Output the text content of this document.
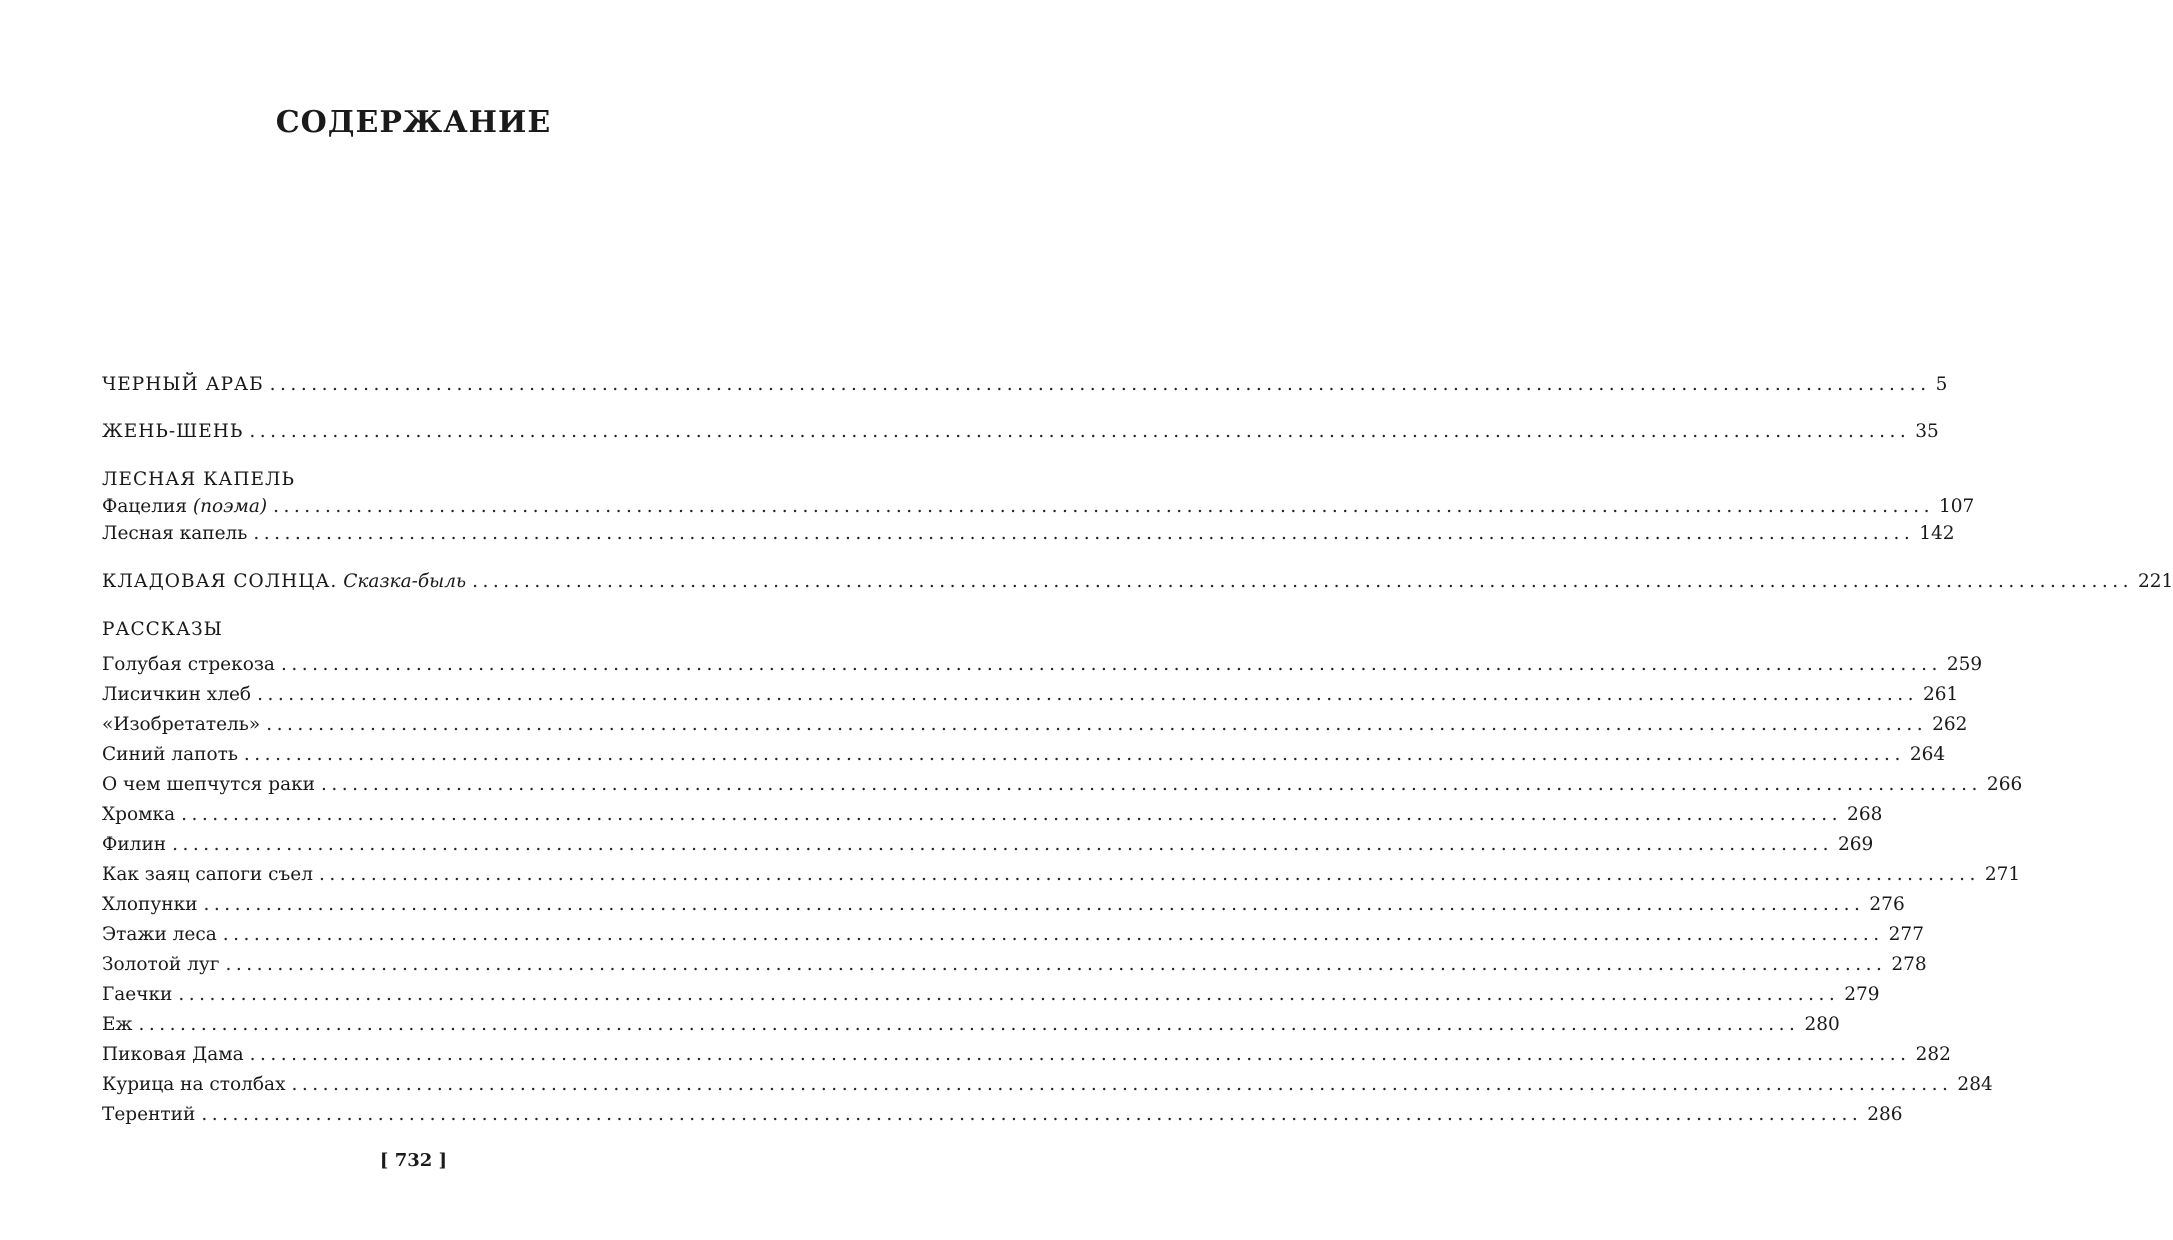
СОДЕРЖАНИЕ
ЧЕРНЫЙ АРАБ ................................................................................................................................................................ 5
ЖЕНЬ-ШЕНЬ ................................................................................................................................................................ 35

ЛЕСНАЯ КАПЕЛЬ

Фацелия (поэма) ................................................................................................................................................................ 107
Лесная капель ................................................................................................................................................................ 142
КЛАДОВАЯ СОЛНЦА. Сказка-быль ................................................................................................................................................................ 221

РАССКАЗЫ

Голубая стрекоза ................................................................................................................................................................ 259
Лисичкин хлеб ................................................................................................................................................................ 261
«Изобретатель» ................................................................................................................................................................ 262
Синий лапоть ................................................................................................................................................................ 264
О чем шепчутся раки ................................................................................................................................................................ 266
Хромка ................................................................................................................................................................ 268
Филин ................................................................................................................................................................ 269
Как заяц сапоги съел ................................................................................................................................................................ 271
Хлопунки ................................................................................................................................................................ 276
Этажи леса ................................................................................................................................................................ 277
Золотой луг ................................................................................................................................................................ 278
Гаечки ................................................................................................................................................................ 279
Еж ................................................................................................................................................................ 280
Пиковая Дама ................................................................................................................................................................ 282
Курица на столбах ................................................................................................................................................................ 284
Терентий ................................................................................................................................................................ 286
[ 732 ]
